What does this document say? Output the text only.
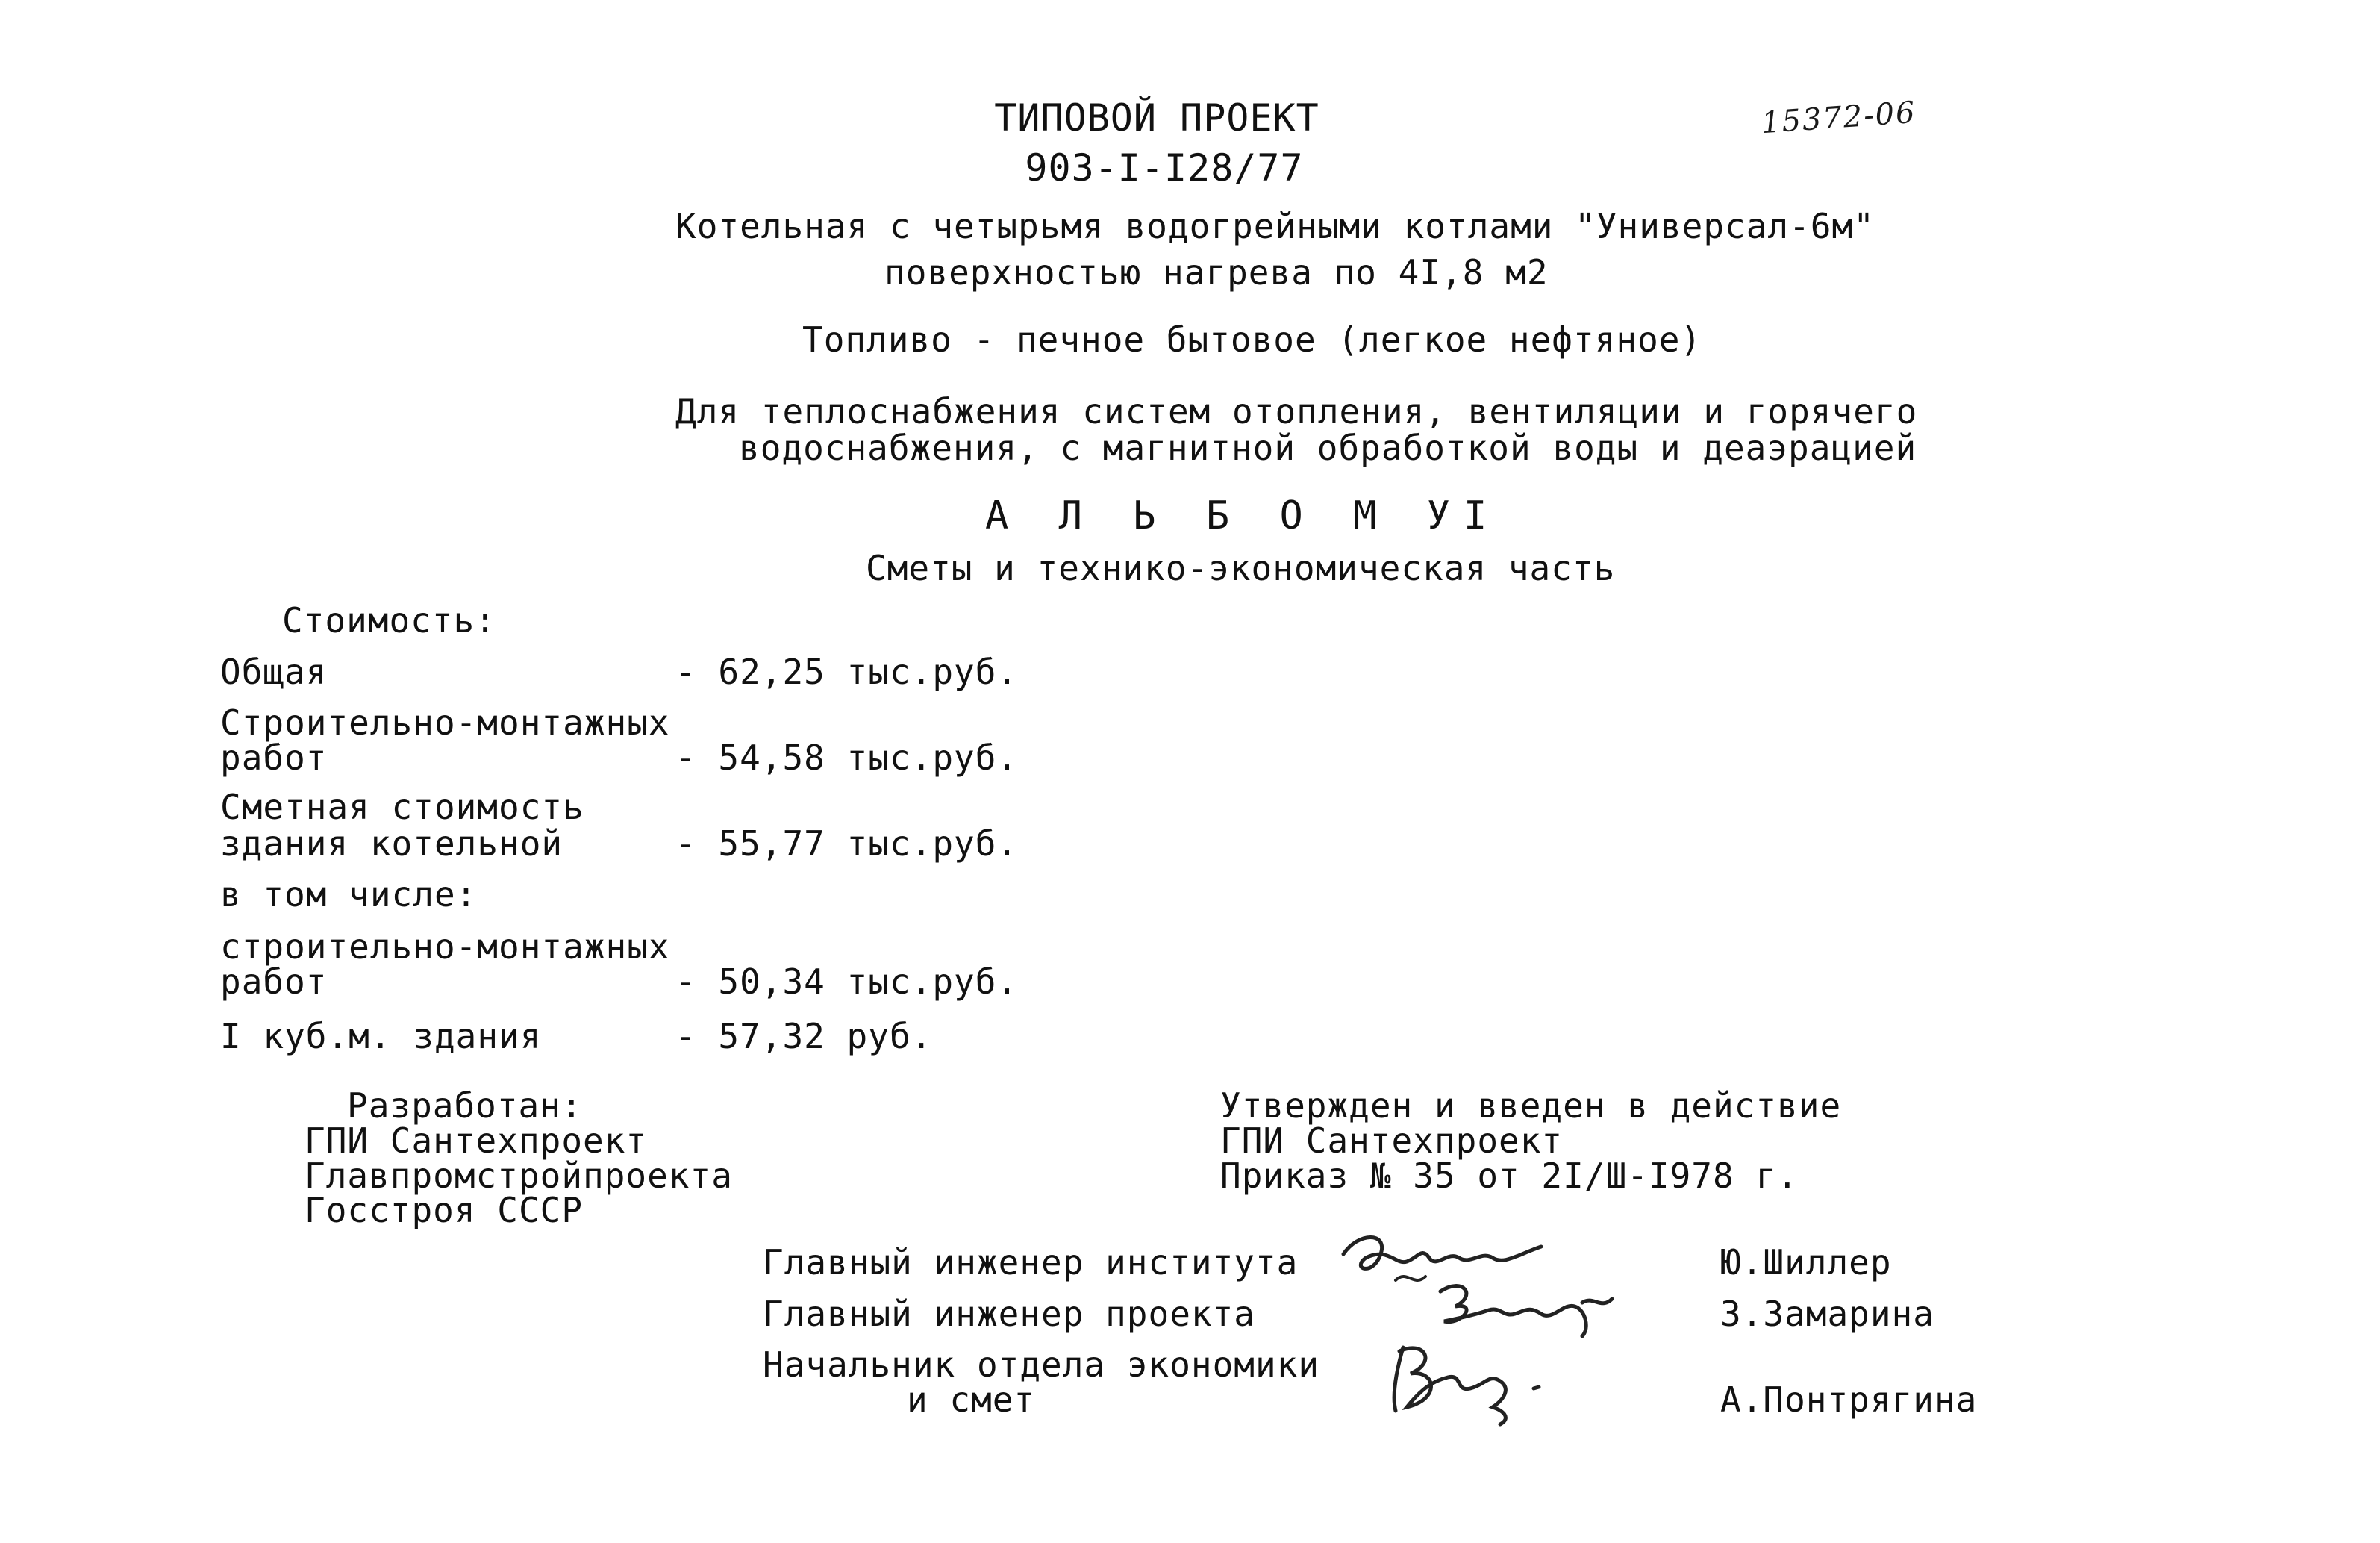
ТИПОВОЙ ПРОЕКТ
903-I-I28/77
15372-06
Котельная с четырьмя водогрейными котлами "Универсал-6м"
поверхностью нагрева по 4I,8 м2
Топливо - печное бытовое (легкое нефтяное)
Для теплоснабжения систем отопления, вентиляции и горячего
водоснабжения, с магнитной обработкой воды и деаэрацией
А Л Ь Б О М УI
Сметы и технико-экономическая часть
Стоимость:
Общая	- 62,25 тыс.руб.
Строительно-монтажных
работ	- 54,58 тыс.руб.
Сметная стоимость
здания котельной	- 55,77 тыс.руб.
в том числе:
строительно-монтажных
работ	- 50,34 тыс.руб.
I куб.м. здания	- 57,32 руб.
Разработан:
ГПИ Сантехпроект
Главпромстройпроекта
Госстроя СССР
Утвержден и введен в действие
ГПИ Сантехпроект
Приказ № 35 от 2I/Ш-I978 г.
Главный инженер института	Ю.Шиллер
Главный инженер проекта	З.Замарина
Начальник отдела экономики
и смет	А.Понтрягина
